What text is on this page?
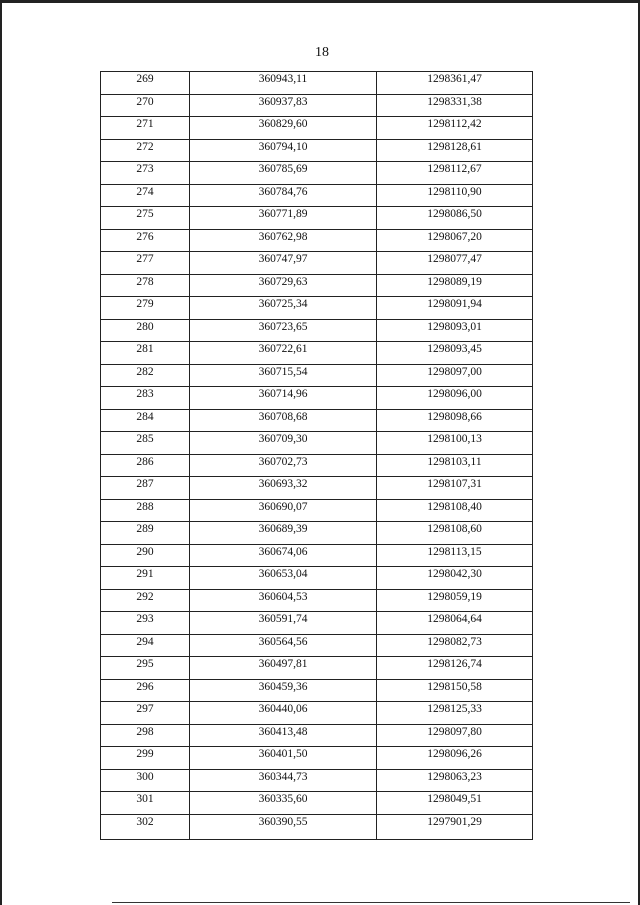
18
269	360943,11	1298361,47
270	360937,83	1298331,38
271	360829,60	1298112,42
272	360794,10	1298128,61
273	360785,69	1298112,67
274	360784,76	1298110,90
275	360771,89	1298086,50
276	360762,98	1298067,20
277	360747,97	1298077,47
278	360729,63	1298089,19
279	360725,34	1298091,94
280	360723,65	1298093,01
281	360722,61	1298093,45
282	360715,54	1298097,00
283	360714,96	1298096,00
284	360708,68	1298098,66
285	360709,30	1298100,13
286	360702,73	1298103,11
287	360693,32	1298107,31
288	360690,07	1298108,40
289	360689,39	1298108,60
290	360674,06	1298113,15
291	360653,04	1298042,30
292	360604,53	1298059,19
293	360591,74	1298064,64
294	360564,56	1298082,73
295	360497,81	1298126,74
296	360459,36	1298150,58
297	360440,06	1298125,33
298	360413,48	1298097,80
299	360401,50	1298096,26
300	360344,73	1298063,23
301	360335,60	1298049,51
302	360390,55	1297901,29
